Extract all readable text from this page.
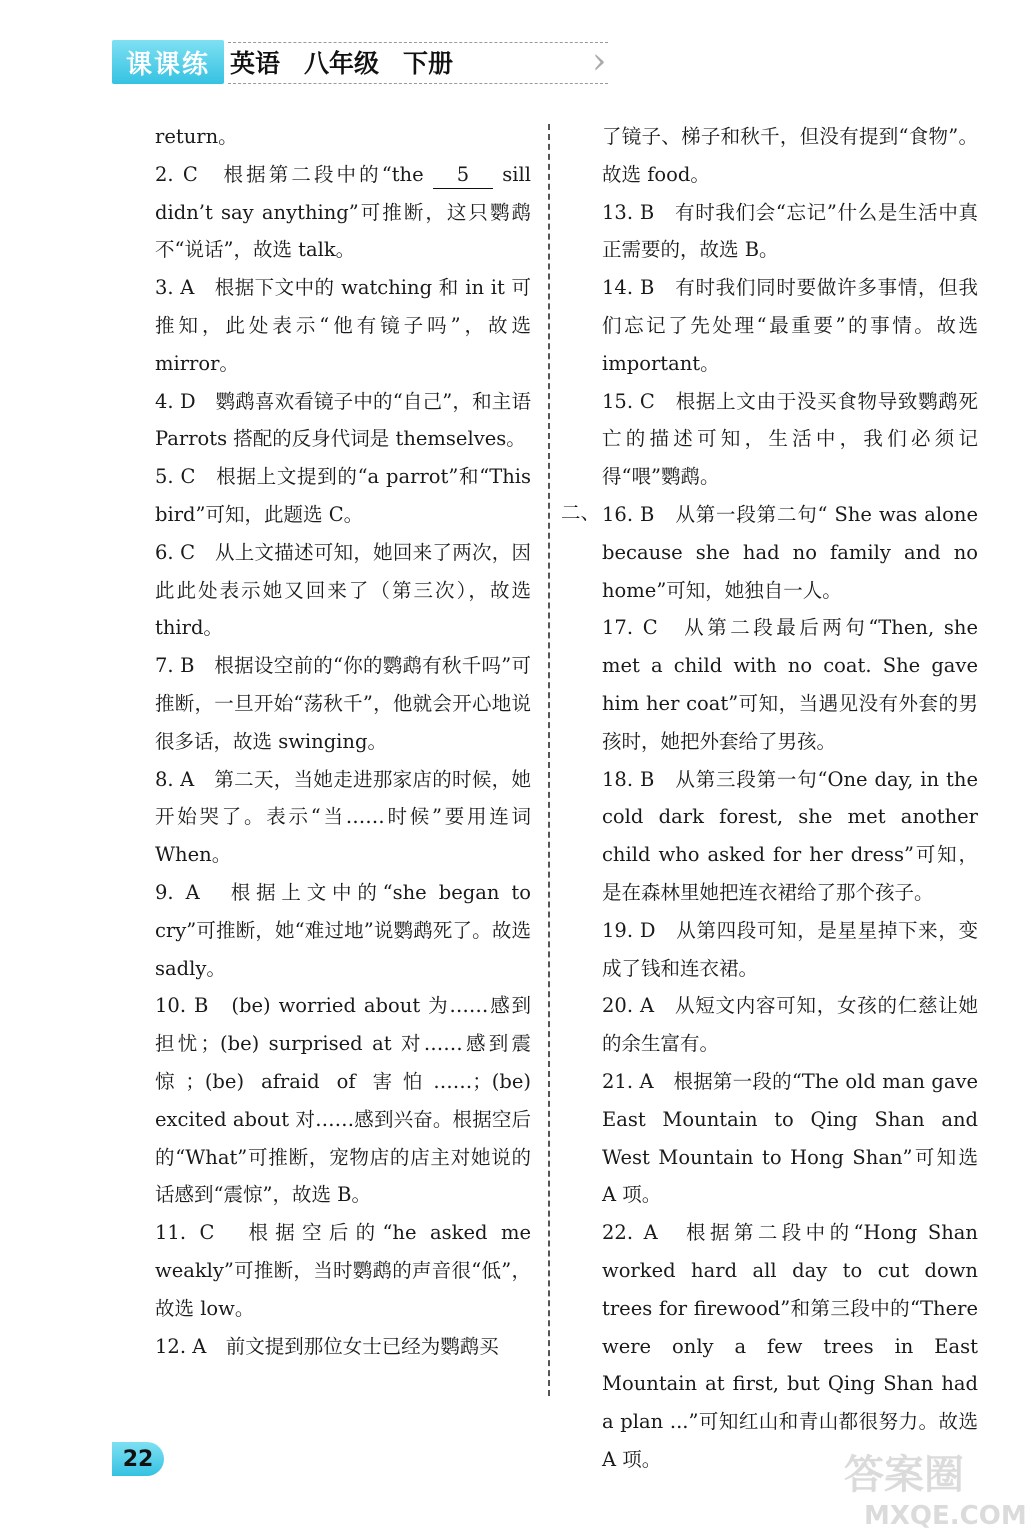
课课练 英语 八年级 下册	›

return。

2. C　根据第二段中的“the 5 sill didn’t say anything”可推断，这只鹦鹉不“说话”，故选 talk。

3. A　根据下文中的 watching 和 in it 可推知，此处表示“他有镜子吗”，故选 mirror。

4. D　鹦鹉喜欢看镜子中的“自己”，和主语 Parrots 搭配的反身代词是 themselves。

5. C　根据上文提到的“a parrot”和“This bird”可知，此题选 C。

6. C　从上文描述可知，她回来了两次，因此此处表示她又回来了（第三次），故选 third。

7. B　根据设空前的“你的鹦鹉有秋千吗”可推断，一旦开始“荡秋千”，他就会开心地说很多话，故选 swinging。

8. A　第二天，当她走进那家店的时候，她开始哭了。表示“当……时候”要用连词 When。

9. A　根据上文中的“she began to cry”可推断，她“难过地”说鹦鹉死了。故选 sadly。

10. B　(be) worried about 为……感到担忧；(be) surprised at 对……感到震惊；(be) afraid of 害怕……；(be) excited about 对……感到兴奋。根据空后的“What”可推断，宠物店的店主对她说的话感到“震惊”，故选 B。

11. C　根据空后的“he asked me weakly”可推断，当时鹦鹉的声音很“低”，故选 low。

12. A　前文提到那位女士已经为鹦鹉买

二、

了镜子、梯子和秋千，但没有提到“食物”。故选 food。

13. B　有时我们会“忘记”什么是生活中真正需要的，故选 B。

14. B　有时我们同时要做许多事情，但我们忘记了先处理“最重要”的事情。故选 important。

15. C　根据上文由于没买食物导致鹦鹉死亡的描述可知，生活中，我们必须记得“喂”鹦鹉。

16. B　从第一段第二句“ She was alone because she had no family and no home”可知，她独自一人。

17. C　从第二段最后两句“Then, she met a child with no coat. She gave him her coat”可知，当遇见没有外套的男孩时，她把外套给了男孩。

18. B　从第三段第一句“One day, in the cold dark forest, she met another child who asked for her dress”可知，是在森林里她把连衣裙给了那个孩子。

19. D　从第四段可知，是星星掉下来，变成了钱和连衣裙。

20. A　从短文内容可知，女孩的仁慈让她的余生富有。

21. A　根据第一段的“The old man gave East Mountain to Qing Shan and West Mountain to Hong Shan”可知选 A 项。

22. A　根据第二段中的“Hong Shan worked hard all day to cut down trees for firewood”和第三段中的“There were only a few trees in East Mountain at first, but Qing Shan had a plan ...”可知红山和青山都很努力。故选 A 项。

22	答案圈
MXQE.COM
